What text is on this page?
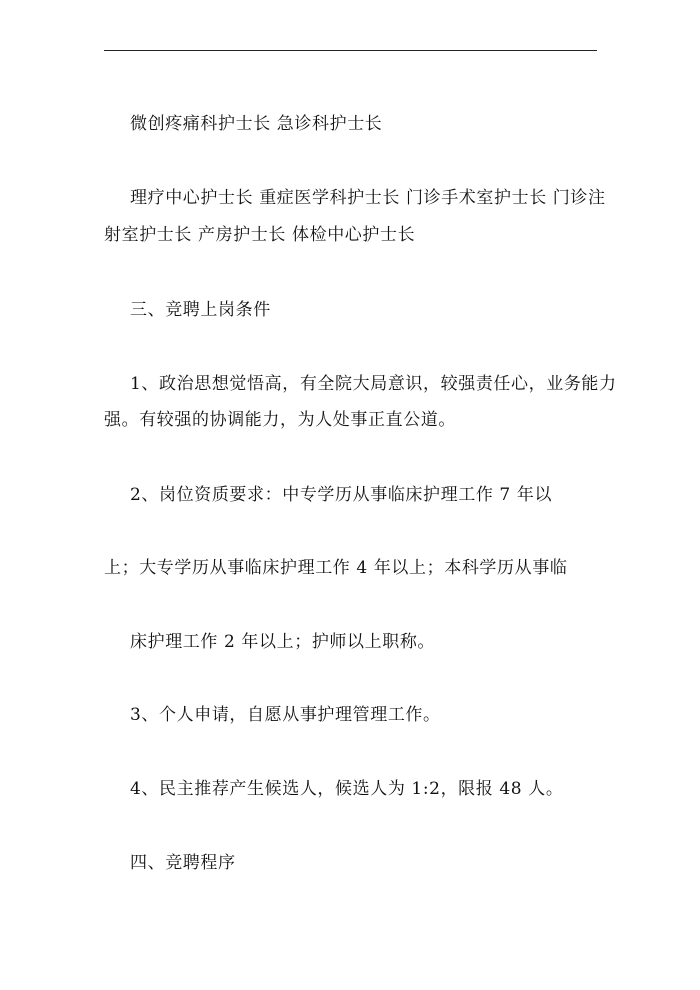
微创疼痛科护士长 急诊科护士长
理疗中心护士长 重症医学科护士长 门诊手术室护士长 门诊注
射室护士长 产房护士长 体检中心护士长
三、竞聘上岗条件
1、政治思想觉悟高，有全院大局意识，较强责任心，业务能力
强。有较强的协调能力，为人处事正直公道。
2、岗位资质要求：中专学历从事临床护理工作 7 年以
上；大专学历从事临床护理工作 4 年以上；本科学历从事临
床护理工作 2 年以上；护师以上职称。
3、个人申请，自愿从事护理管理工作。
4、民主推荐产生候选人，候选人为 1:2，限报 48 人。
四、竞聘程序
